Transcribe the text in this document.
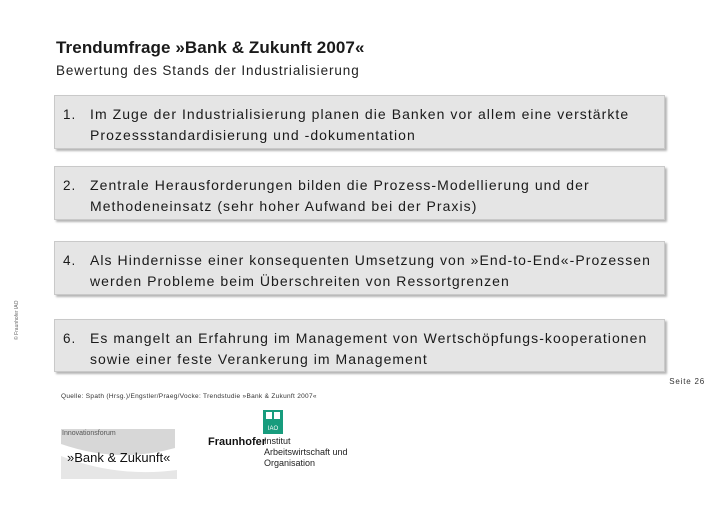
Trendumfrage »Bank & Zukunft 2007«
Bewertung des Stands der Industrialisierung
1. Im Zuge der Industrialisierung planen die Banken vor allem eine verstärkte Prozessstandardisierung und -dokumentation
2. Zentrale Herausforderungen bilden die Prozess-Modellierung und der Methodeneinsatz (sehr hoher Aufwand bei der Praxis)
4. Als Hindernisse einer konsequenten Umsetzung von »End-to-End«-Prozessen werden Probleme beim Überschreiten von Ressortgrenzen
6. Es mangelt an Erfahrung im Management von Wertschöpfungs-kooperationen sowie einer feste Verankerung im Management
© Fraunhofer IAO
Seite 26
Quelle: Spath (Hrsg.)/Engstler/Praeg/Vocke: Trendstudie »Bank & Zukunft 2007«
Innovationsforum
»Bank & Zukunft«
Fraunhofer
IAO
Institut
Arbeitswirtschaft und
Organisation
